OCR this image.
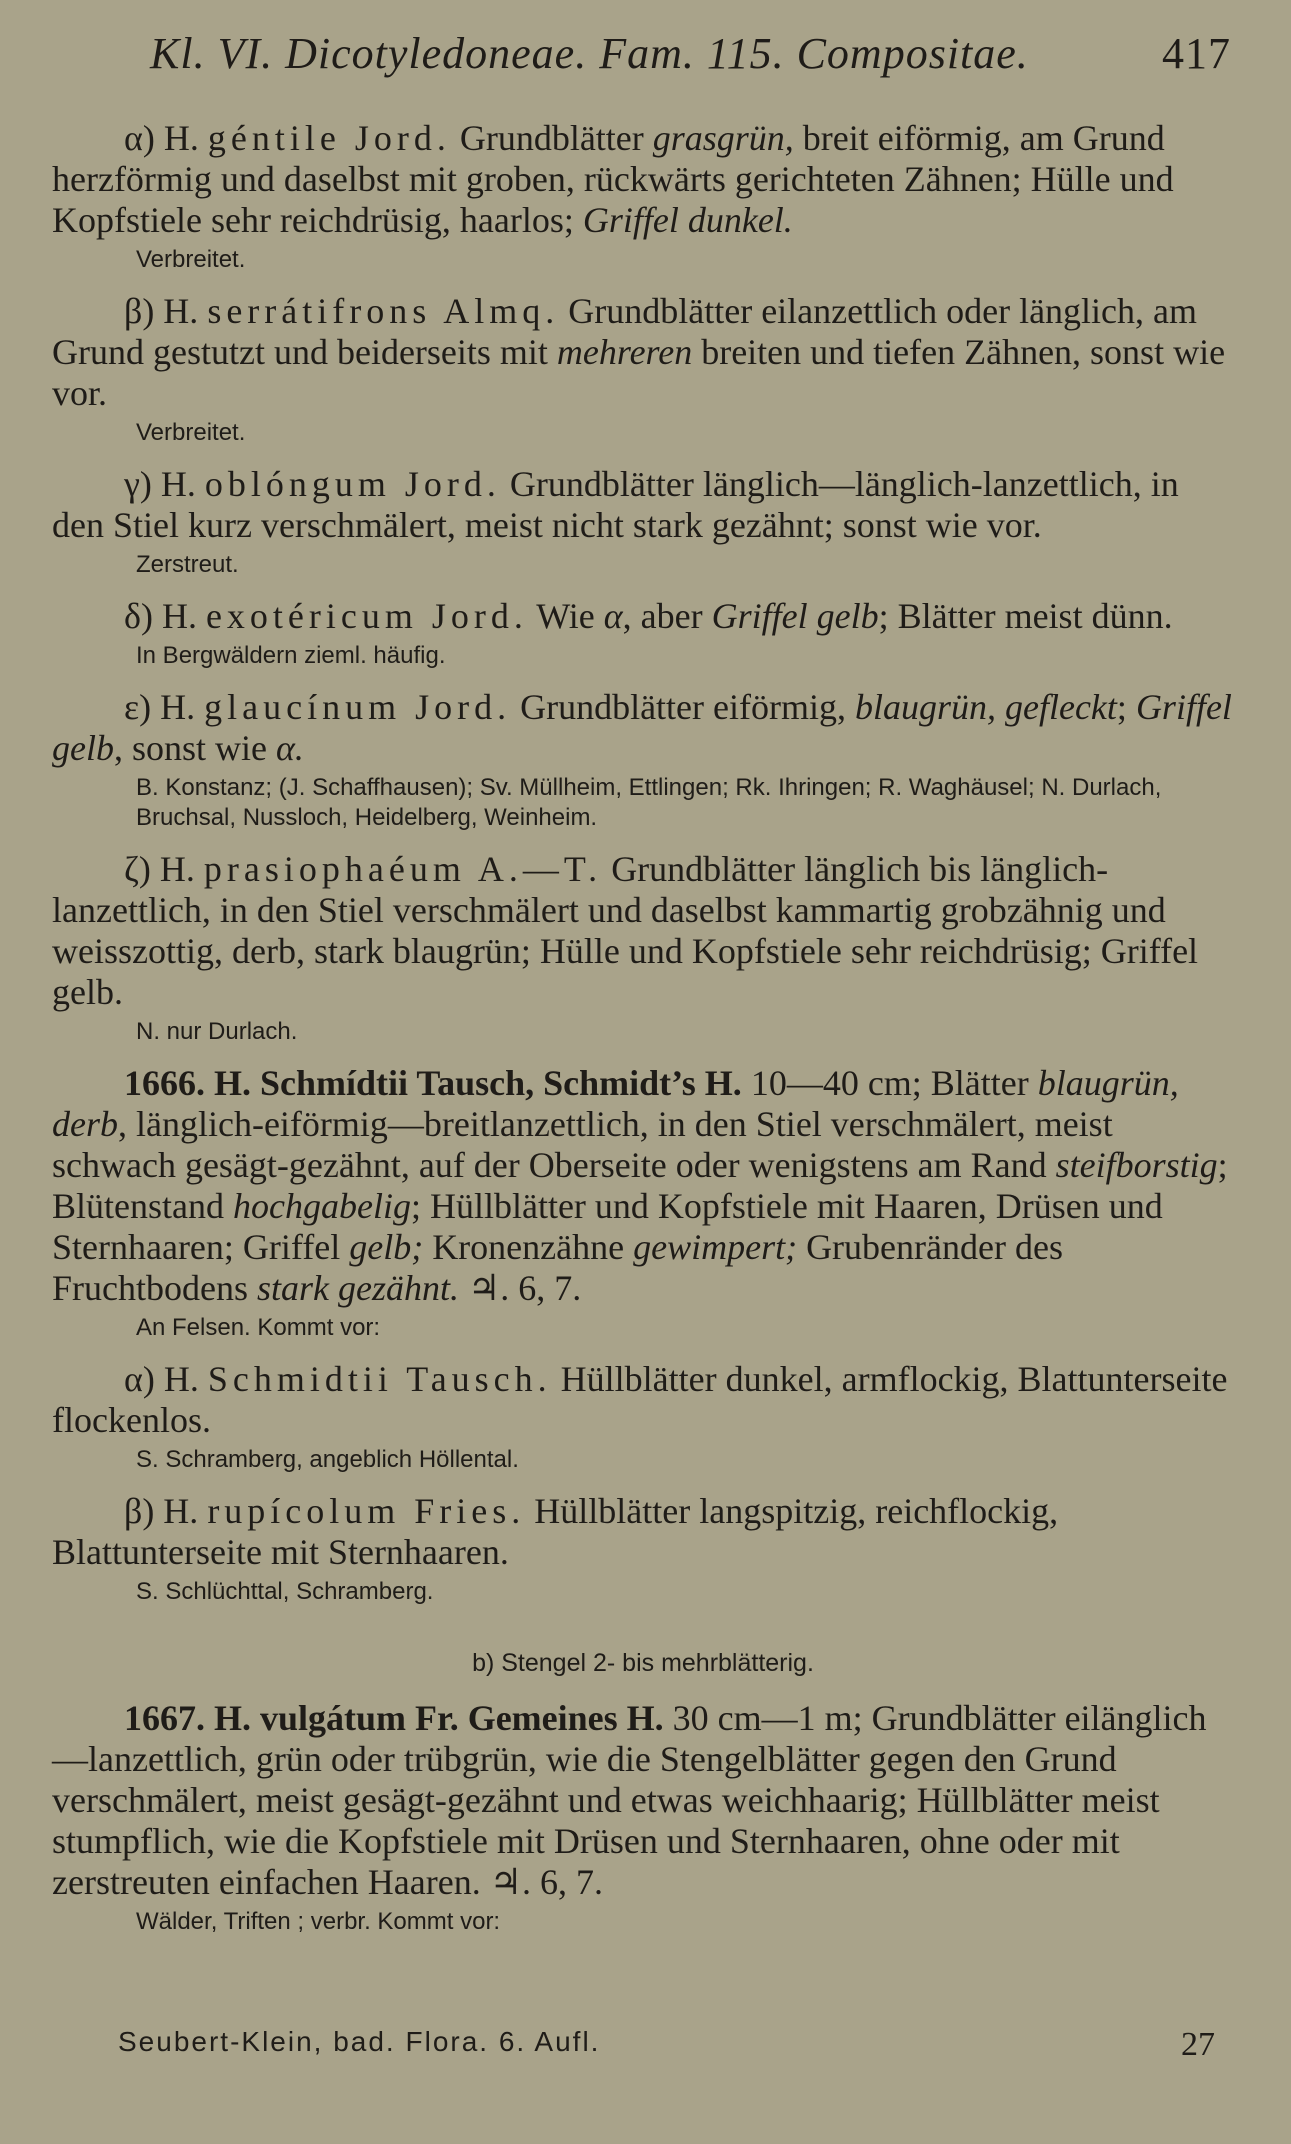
Kl. VI. Dicotyledoneae. Fam. 115. Compositae.	417

α) H. géntile Jord. Grundblätter grasgrün, breit eiförmig, am Grund herzförmig und daselbst mit groben, rückwärts gerichteten Zähnen; Hülle und Kopfstiele sehr reichdrüsig, haarlos; Griffel dunkel.

Verbreitet.

β) H. serrátifrons Almq. Grundblätter eilanzettlich oder länglich, am Grund gestutzt und beiderseits mit mehreren breiten und tiefen Zähnen, sonst wie vor.

Verbreitet.

γ) H. oblóngum Jord. Grundblätter länglich—länglich-lanzettlich, in den Stiel kurz verschmälert, meist nicht stark gezähnt; sonst wie vor.

Zerstreut.

δ) H. exotéricum Jord. Wie α, aber Griffel gelb; Blätter meist dünn.

In Bergwäldern zieml. häufig.

ε) H. glaucínum Jord. Grundblätter eiförmig, blaugrün, gefleckt; Griffel gelb, sonst wie α.

B. Konstanz; (J. Schaffhausen); Sv. Müllheim, Ettlingen; Rk. Ihringen; R. Waghäusel; N. Durlach, Bruchsal, Nussloch, Heidelberg, Weinheim.

ζ) H. prasiophaéum A.—T. Grundblätter länglich bis länglich-lanzettlich, in den Stiel verschmälert und daselbst kammartig grobzähnig und weisszottig, derb, stark blaugrün; Hülle und Kopfstiele sehr reichdrüsig; Griffel gelb.

N. nur Durlach.

1666. H. Schmídtii Tausch, Schmidt’s H. 10—40 cm; Blätter blaugrün, derb, länglich-eiförmig—breitlanzettlich, in den Stiel verschmälert, meist schwach gesägt-gezähnt, auf der Oberseite oder wenigstens am Rand steifborstig; Blütenstand hochgabelig; Hüllblätter und Kopfstiele mit Haaren, Drüsen und Sternhaaren; Griffel gelb; Kronenzähne gewimpert; Grubenränder des Fruchtbodens stark gezähnt. ♃. 6, 7.

An Felsen. Kommt vor:

α) H. Schmidtii Tausch. Hüllblätter dunkel, armflockig, Blattunterseite flockenlos.

S. Schramberg, angeblich Höllental.

β) H. rupícolum Fries. Hüllblätter langspitzig, reichflockig, Blattunterseite mit Sternhaaren.

S. Schlüchttal, Schramberg.
b) Stengel 2- bis mehrblätterig.

1667. H. vulgátum Fr. Gemeines H. 30 cm—1 m; Grundblätter eilänglich—lanzettlich, grün oder trübgrün, wie die Stengelblätter gegen den Grund verschmälert, meist gesägt-gezähnt und etwas weichhaarig; Hüllblätter meist stumpflich, wie die Kopfstiele mit Drüsen und Sternhaaren, ohne oder mit zerstreuten einfachen Haaren. ♃. 6, 7.

Wälder, Triften ; verbr. Kommt vor:
Seubert-Klein, bad. Flora. 6. Aufl.	27
